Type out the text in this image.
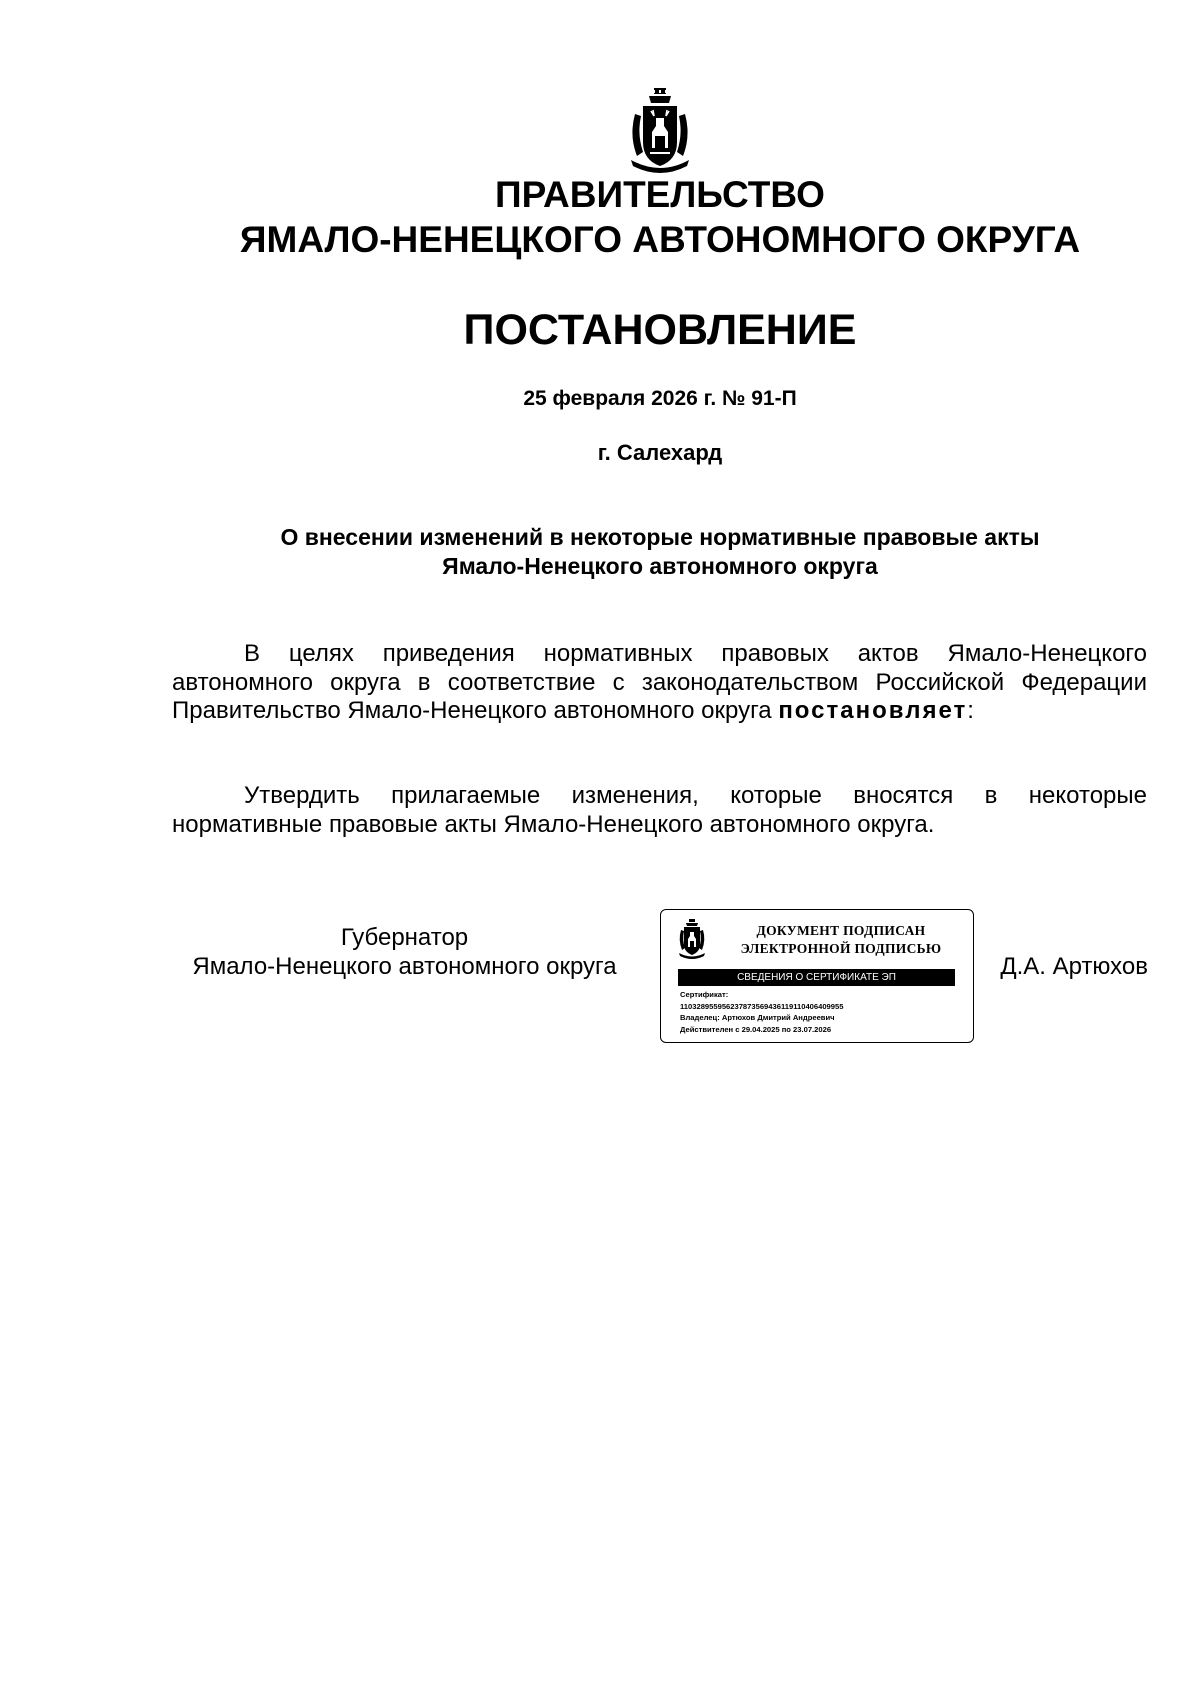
ПРАВИТЕЛЬСТВО
ЯМАЛО-НЕНЕЦКОГО АВТОНОМНОГО ОКРУГА
ПОСТАНОВЛЕНИЕ
25 февраля 2026 г. № 91-П
г. Салехард
О внесении изменений в некоторые нормативные правовые акты
Ямало-Ненецкого автономного округа
В целях приведения нормативных правовых актов Ямало-Ненецкого автономного округа в соответствие с законодательством Российской Федерации Правительство Ямало-Ненецкого автономного округа постановляет:
Утвердить прилагаемые изменения, которые вносятся в некоторые нормативные правовые акты Ямало-Ненецкого автономного округа.
Губернатор
Ямало-Ненецкого автономного округа
ДОКУМЕНТ ПОДПИСАН
ЭЛЕКТРОННОЙ ПОДПИСЬЮ
СВЕДЕНИЯ О СЕРТИФИКАТЕ ЭП
Сертификат:
11032895595623787356943611911040640995​5
Владелец: Артюхов Дмитрий Андреевич
Действителен с 29.04.2025 по 23.07.2026
Д.А. Артюхов
